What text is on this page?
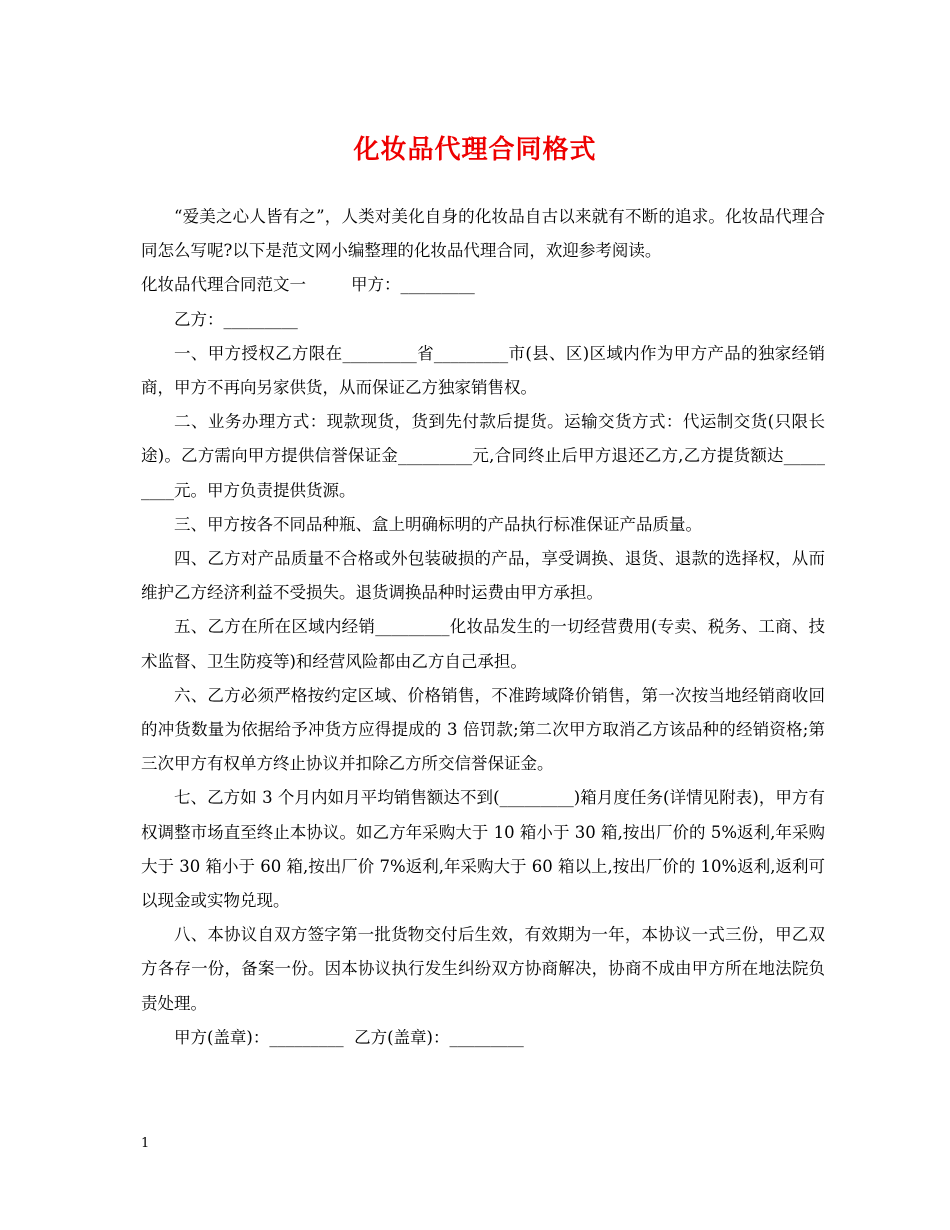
化妆品代理合同格式

“爱美之心人皆有之”，人类对美化自身的化妆品自古以来就有不断的追求。化妆品代理合同怎么写呢?以下是范文网小编整理的化妆品代理合同，欢迎参考阅读。

化妆品代理合同范文一	甲方：_________

乙方：_________

一、甲方授权乙方限在_________省_________市(县、区)区域内作为甲方产品的独家经销商，甲方不再向另家供货，从而保证乙方独家销售权。

二、业务办理方式：现款现货，货到先付款后提货。运输交货方式：代运制交货(只限长途)。乙方需向甲方提供信誉保证金_________元,合同终止后甲方退还乙方,乙方提货额达_________元。甲方负责提供货源。

三、甲方按各不同品种瓶、盒上明确标明的产品执行标准保证产品质量。

四、乙方对产品质量不合格或外包装破损的产品，享受调换、退货、退款的选择权，从而维护乙方经济利益不受损失。退货调换品种时运费由甲方承担。

五、乙方在所在区域内经销_________化妆品发生的一切经营费用(专卖、税务、工商、技术监督、卫生防疫等)和经营风险都由乙方自己承担。

六、乙方必须严格按约定区域、价格销售，不准跨域降价销售，第一次按当地经销商收回的冲货数量为依据给予冲货方应得提成的 3 倍罚款;第二次甲方取消乙方该品种的经销资格;第三次甲方有权单方终止协议并扣除乙方所交信誉保证金。

七、乙方如 3 个月内如月平均销售额达不到(_________)箱月度任务(详情见附表)，甲方有权调整市场直至终止本协议。如乙方年采购大于 10 箱小于 30 箱,按出厂价的 5%返利,年采购大于 30 箱小于 60 箱,按出厂价 7%返利,年采购大于 60 箱以上,按出厂价的 10%返利,返利可以现金或实物兑现。

八、本协议自双方签字第一批货物交付后生效，有效期为一年，本协议一式三份，甲乙双方各存一份，备案一份。因本协议执行发生纠纷双方协商解决，协商不成由甲方所在地法院负责处理。

甲方(盖章)：_________ 乙方(盖章)：_________

1
